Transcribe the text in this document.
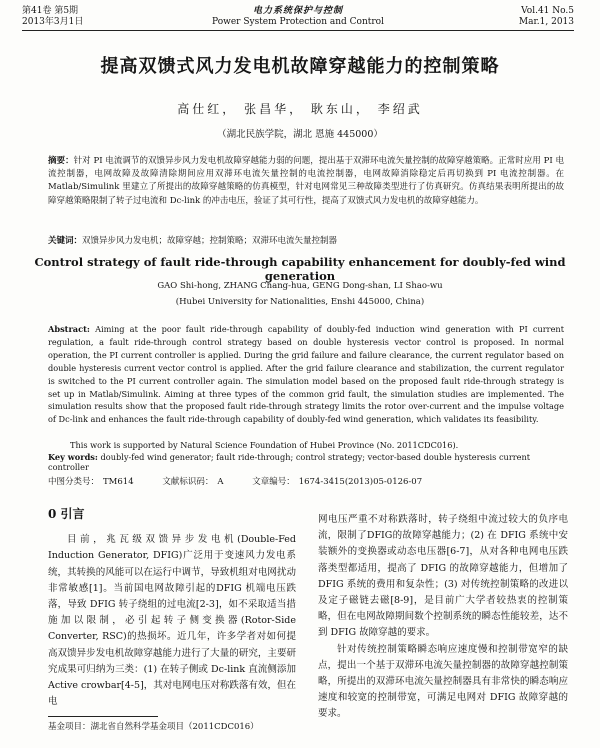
第41卷 第5期
2013年3月1日
电力系统保护与控制
Power System Protection and Control
Vol.41 No.5
Mar.1, 2013
提高双馈式风力发电机故障穿越能力的控制策略
高仕红， 张昌华， 耿东山， 李绍武
（湖北民族学院，湖北 恩施 445000）
摘要：针对 PI 电流调节的双馈异步风力发电机故障穿越能力弱的问题，提出基于双滞环电流矢量控制的故障穿越策略。正常时应用 PI 电流控制器，电网故障及故障清除期间应用双滞环电流矢量控制的电流控制器，电网故障消除稳定后再切换到 PI 电流控制器。在 Matlab/Simulink 里建立了所提出的故障穿越策略的仿真模型，针对电网常见三种故障类型进行了仿真研究。仿真结果表明所提出的故障穿越策略限制了转子过电流和 Dc-link 的冲击电压，验证了其可行性，提高了双馈式风力发电机的故障穿越能力。
关键词：双馈异步风力发电机；故障穿越；控制策略；双滞环电流矢量控制器
Control strategy of fault ride-through capability enhancement for doubly-fed wind generation
GAO Shi-hong, ZHANG Chang-hua, GENG Dong-shan, LI Shao-wu
(Hubei University for Nationalities, Enshi 445000, China)
Abstract: Aiming at the poor fault ride-through capability of doubly-fed induction wind generation with PI current regulation, a fault ride-through control strategy based on double hysteresis vector control is proposed. In normal operation, the PI current controller is applied. During the grid failure and failure clearance, the current regulator based on double hysteresis current vector control is applied. After the grid failure clearance and stabilization, the current regulator is switched to the PI current controller again. The simulation model based on the proposed fault ride-through strategy is set up in Matlab/Simulink. Aiming at three types of the common grid fault, the simulation studies are implemented. The simulation results show that the proposed fault ride-through strategy limits the rotor over-current and the impulse voltage of Dc-link and enhances the fault ride-through capability of doubly-fed wind generation, which validates its feasibility.
This work is supported by Natural Science Foundation of Hubei Province (No. 2011CDC016).
Key words: doubly-fed wind generator; fault ride-through; control strategy; vector-based double hysteresis current controller
中图分类号： TM614	文献标识码： A	文章编号： 1674-3415(2013)05-0126-07
0 引言

目前，兆瓦级双馈异步发电机(Double-Fed Induction Generator, DFIG)广泛用于变速风力发电系统，其转换的风能可以在运行中调节，导致机组对电网扰动非常敏感[1]。当前国电网故障引起的DFIG 机端电压跌落，导致 DFIG 转子绕组的过电流[2-3]，如不采取适当措施加以限制，必引起转子侧变换器(Rotor-Side Converter, RSC)的热损坏。近几年，许多学者对如何提高双馈异步发电机故障穿越能力进行了大量的研究，主要研究成果可归纳为三类：(1) 在转子侧或 Dc-link 直流侧添加 Active crowbar[4-5]，其对电网电压对称跌落有效，但在电

网电压严重不对称跌落时，转子绕组中流过较大的负序电流，限制了DFIG的故障穿越能力；(2) 在 DFIG 系统中安装额外的变换器或动态电压器[6-7]，从对各种电网电压跌落类型都适用，提高了 DFIG 的故障穿越能力，但增加了 DFIG 系统的费用和复杂性；(3) 对传统控制策略的改进以及定子磁链去磁[8-9]，是目前广大学者较热衷的控制策略，但在电网故障期间数个控制系统的瞬态性能较差，达不到 DFIG 故障穿越的要求。

针对传统控制策略瞬态响应速度慢和控制带宽窄的缺点，提出一个基于双滞环电流矢量控制器的故障穿越控制策略，所提出的双滞环电流矢量控制器具有非常快的瞬态响应速度和较宽的控制带宽，可满足电网对 DFIG 故障穿越的要求。

基金项目：湖北省自然科学基金项目（2011CDC016）
